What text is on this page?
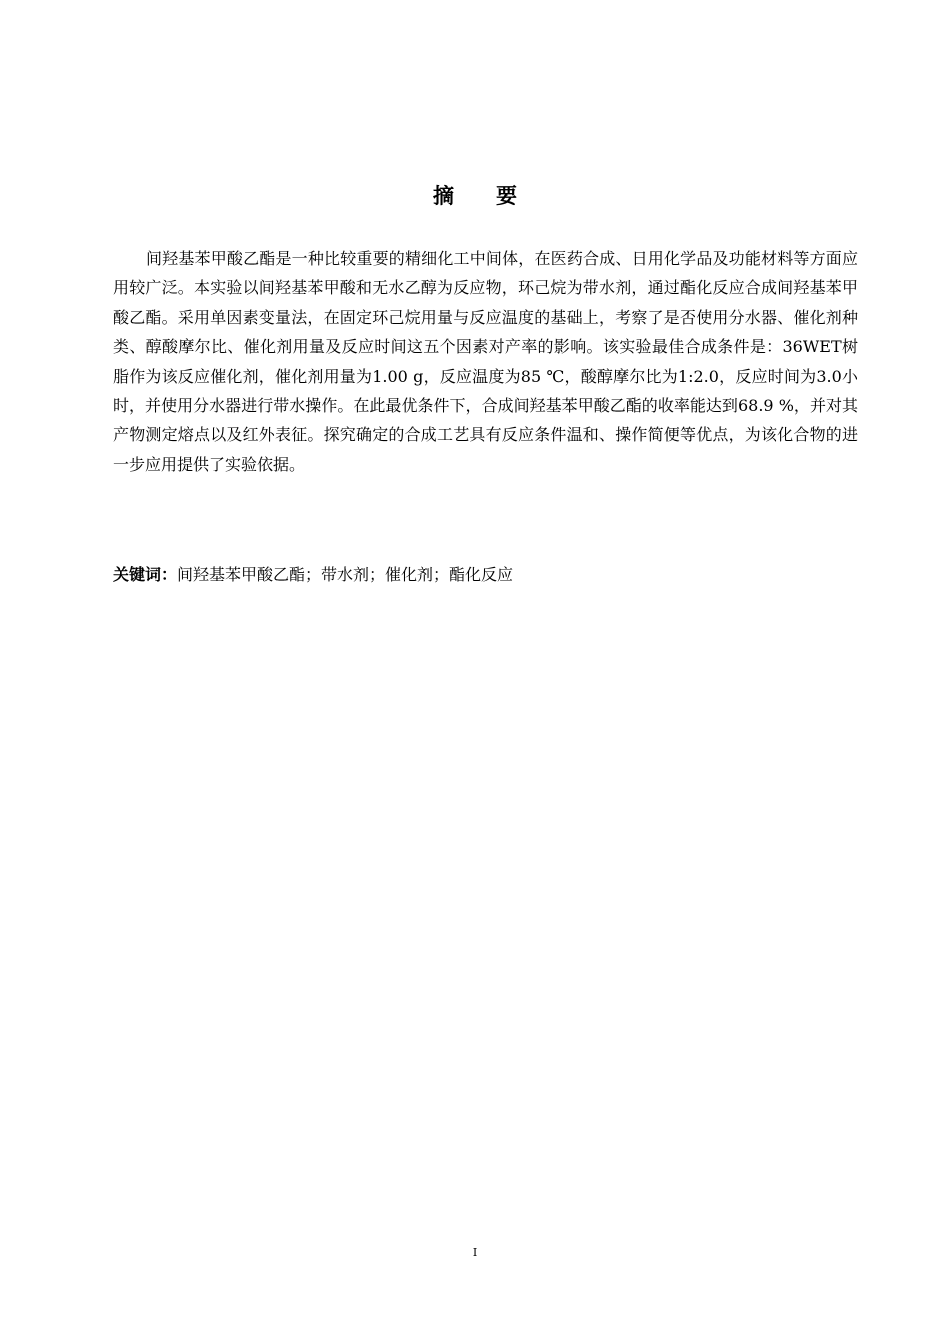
摘 要

间羟基苯甲酸乙酯是一种比较重要的精细化工中间体，在医药合成、日用化学品及功能材料等方面应用较广泛。本实验以间羟基苯甲酸和无水乙醇为反应物，环己烷为带水剂，通过酯化反应合成间羟基苯甲酸乙酯。采用单因素变量法，在固定环己烷用量与反应温度的基础上，考察了是否使用分水器、催化剂种类、醇酸摩尔比、催化剂用量及反应时间这五个因素对产率的影响。该实验最佳合成条件是：36WET树脂作为该反应催化剂，催化剂用量为1.00 g，反应温度为85 ℃，酸醇摩尔比为1:2.0，反应时间为3.0小时，并使用分水器进行带水操作。在此最优条件下，合成间羟基苯甲酸乙酯的收率能达到68.9 %，并对其产物测定熔点以及红外表征。探究确定的合成工艺具有反应条件温和、操作简便等优点，为该化合物的进一步应用提供了实验依据。

关键词：间羟基苯甲酸乙酯；带水剂；催化剂；酯化反应

I
